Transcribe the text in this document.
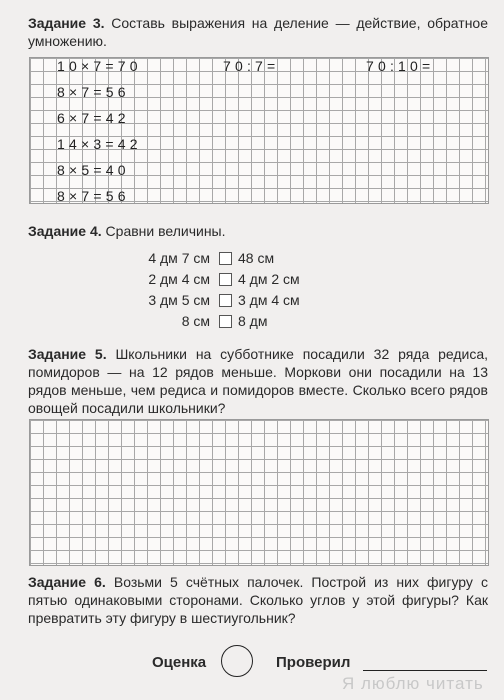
Задание 3. Составь выражения на деление — действие, обратное умножению.
10×7=70
8×7=56
6×7=42
14×3=42
8×5=40
8×7=56
70:7=	70:10=
Задание 4. Сравни величины.
4 дм 7 см 48 см
2 дм 4 см 4 дм 2 см
3 дм 5 см 3 дм 4 см
8 см 8 дм
Задание 5. Школьники на субботнике посадили 32 ряда редиса, помидоров — на 12 рядов меньше. Моркови они посадили на 13 рядов меньше, чем редиса и помидоров вместе. Сколько всего рядов овощей посадили школьники?
Задание 6. Возьми 5 счётных палочек. Построй из них фигуру с пятью одинаковыми сторонами. Сколько углов у этой фигуры? Как превратить эту фигуру в шестиугольник?
Оценка	Проверил
Я люблю читать
